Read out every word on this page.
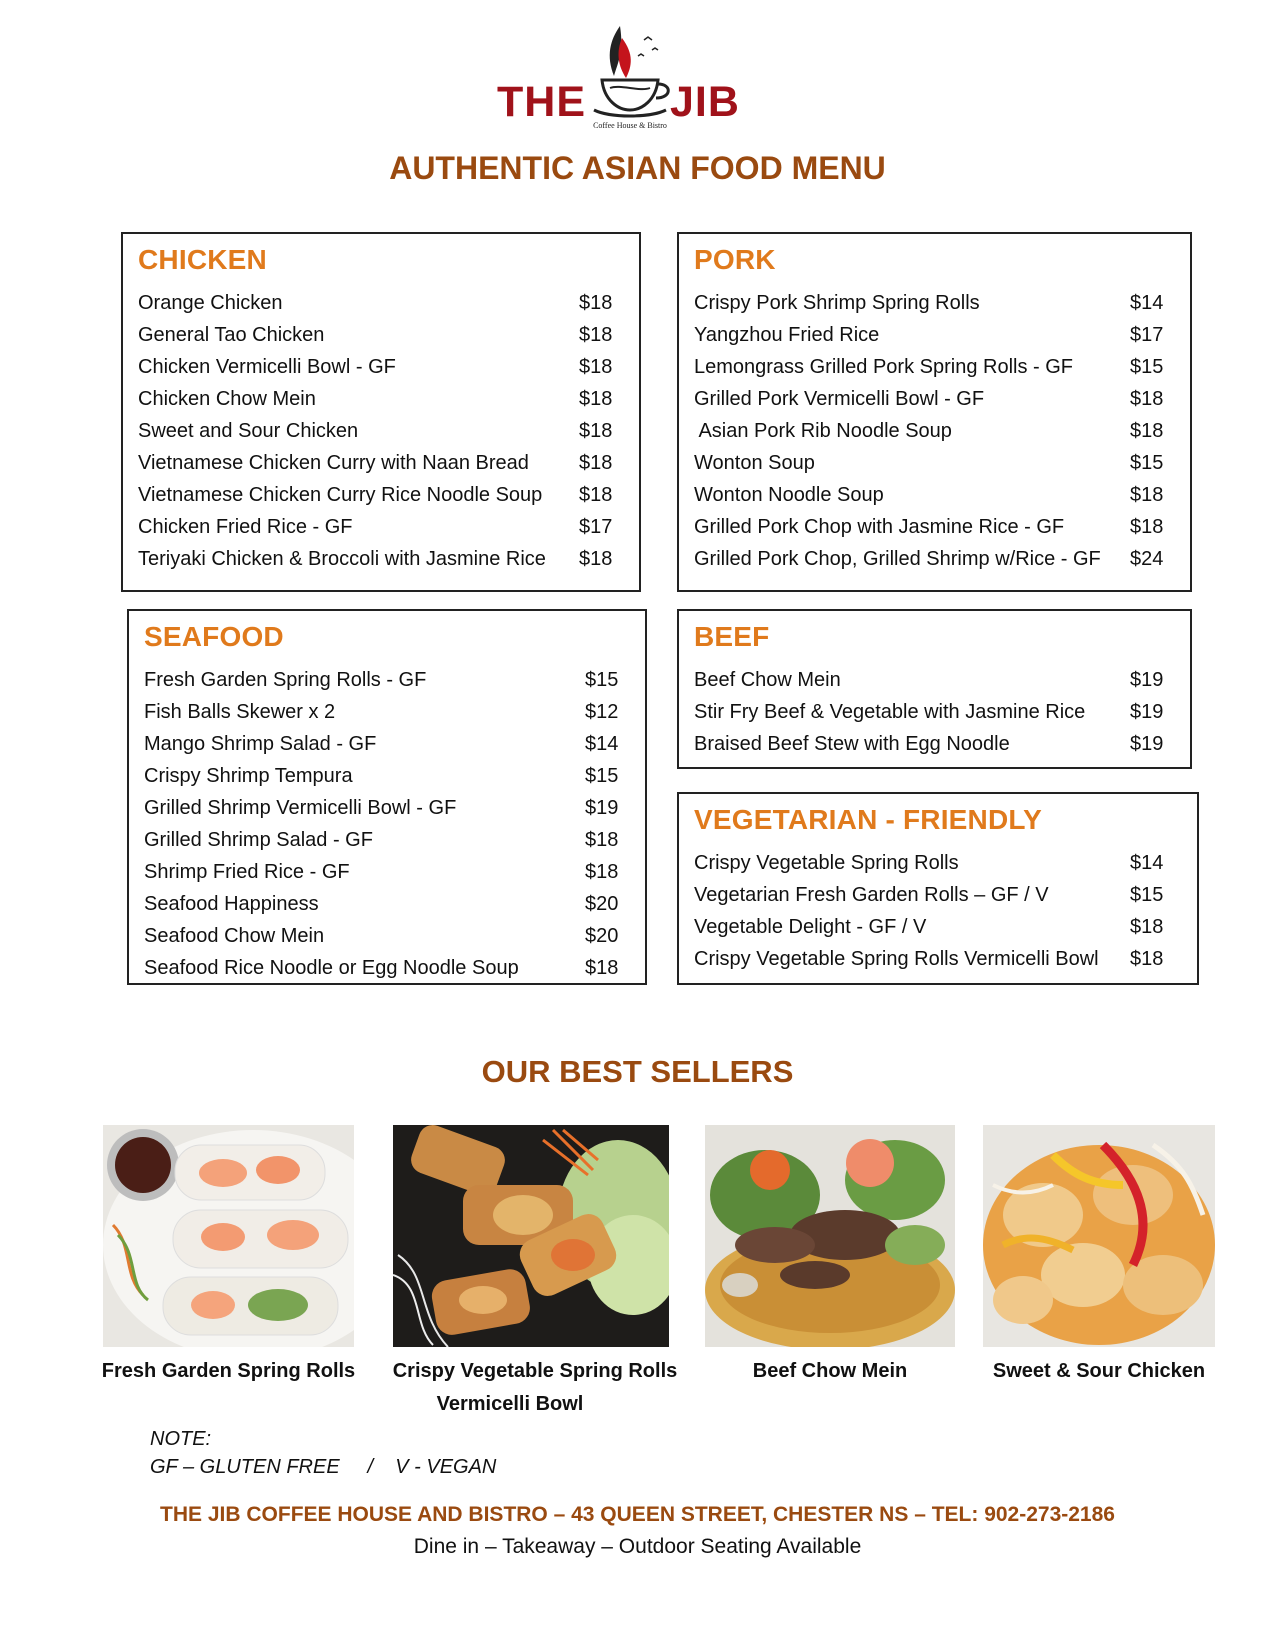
THE JIB
Coffee House & Bistro
AUTHENTIC ASIAN FOOD MENU
CHICKEN
Orange Chicken	$18
General Tao Chicken	$18
Chicken Vermicelli Bowl - GF	$18
Chicken Chow Mein	$18
Sweet and Sour Chicken	$18
Vietnamese Chicken Curry with Naan Bread	$18
Vietnamese Chicken Curry Rice Noodle Soup $18
Chicken Fried Rice - GF	$17
Teriyaki Chicken & Broccoli with Jasmine Rice $18
PORK
Crispy Pork Shrimp Spring Rolls	$14
Yangzhou Fried Rice	$17
Lemongrass Grilled Pork Spring Rolls - GF	$15
Grilled Pork Vermicelli Bowl - GF	$18
Asian Pork Rib Noodle Soup	$18
Wonton Soup	$15
Wonton Noodle Soup	$18
Grilled Pork Chop with Jasmine Rice - GF	$18
Grilled Pork Chop, Grilled Shrimp w/Rice - GF $24
SEAFOOD
Fresh Garden Spring Rolls - GF	$15
Fish Balls Skewer x 2	$12
Mango Shrimp Salad - GF	$14
Crispy Shrimp Tempura	$15
Grilled Shrimp Vermicelli Bowl - GF	$19
Grilled Shrimp Salad - GF	$18
Shrimp Fried Rice - GF	$18
Seafood Happiness	$20
Seafood Chow Mein	$20
Seafood Rice Noodle or Egg Noodle Soup	$18
BEEF
Beef Chow Mein	$19
Stir Fry Beef & Vegetable with Jasmine Rice $19
Braised Beef Stew with Egg Noodle	$19
VEGETARIAN - FRIENDLY
Crispy Vegetable Spring Rolls	$14
Vegetarian Fresh Garden Rolls – GF / V	$15
Vegetable Delight - GF / V	$18
Crispy Vegetable Spring Rolls Vermicelli Bowl $18
OUR BEST SELLERS
Fresh Garden Spring Rolls	Crispy Vegetable Spring Rolls
Vermicelli Bowl
Beef Chow Mein	Sweet & Sour Chicken
NOTE:
GF – GLUTEN FREE     /    V - VEGAN
THE JIB COFFEE HOUSE AND BISTRO – 43 QUEEN STREET, CHESTER NS – TEL: 902-273-2186
Dine in – Takeaway – Outdoor Seating Available
